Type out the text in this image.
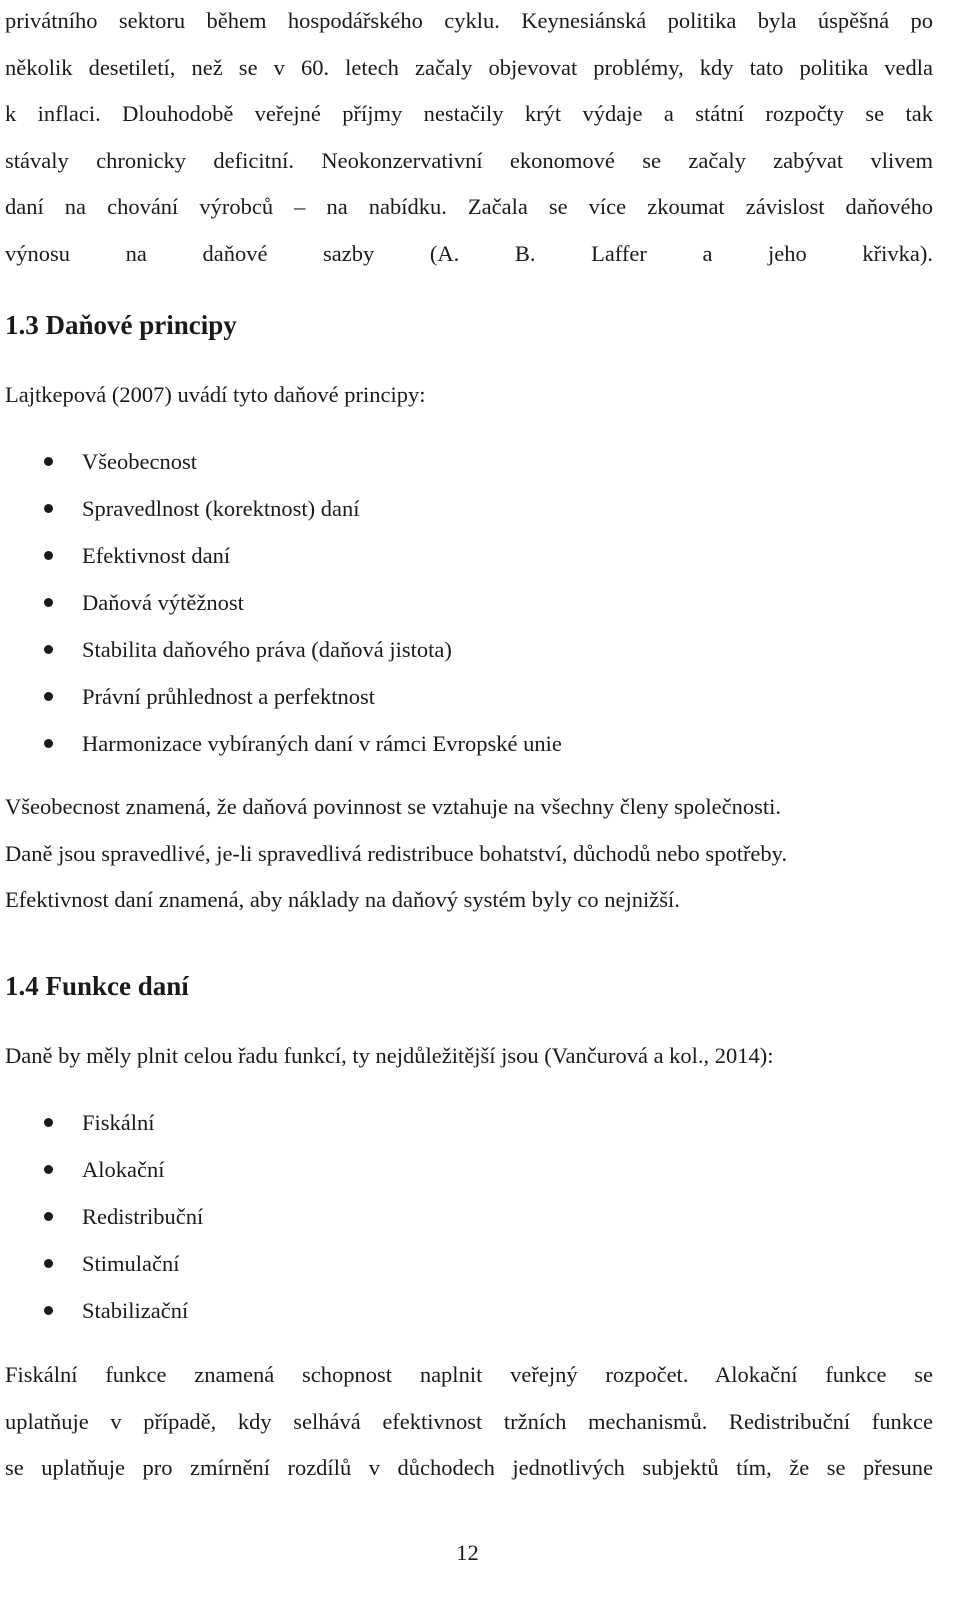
privátního sektoru během hospodářského cyklu. Keynesiánská politika byla úspěšná po
několik desetiletí, než se v 60. letech začaly objevovat problémy, kdy tato politika vedla
k inflaci. Dlouhodobě veřejné příjmy nestačily krýt výdaje a státní rozpočty se tak
stávaly chronicky deficitní. Neokonzervativní ekonomové se začaly zabývat vlivem
daní na chování výrobců – na nabídku. Začala se více zkoumat závislost daňového
výnosu na daňové sazby (A. B. Laffer a jeho křivka).
1.3 Daňové principy

Lajtkepová (2007) uvádí tyto daňové principy:

Všeobecnost
Spravedlnost (korektnost) daní
Efektivnost daní
Daňová výtěžnost
Stabilita daňového práva (daňová jistota)
Právní průhlednost a perfektnost
Harmonizace vybíraných daní v rámci Evropské unie
Všeobecnost znamená, že daňová povinnost se vztahuje na všechny členy společnosti.
Daně jsou spravedlivé, je-li spravedlivá redistribuce bohatství, důchodů nebo spotřeby.
Efektivnost daní znamená, aby náklady na daňový systém byly co nejnižší.
1.4 Funkce daní

Daně by měly plnit celou řadu funkcí, ty nejdůležitější jsou (Vančurová a kol., 2014):

Fiskální
Alokační
Redistribuční
Stimulační
Stabilizační
Fiskální funkce znamená schopnost naplnit veřejný rozpočet. Alokační funkce se
uplatňuje v případě, kdy selhává efektivnost tržních mechanismů. Redistribuční funkce
se uplatňuje pro zmírnění rozdílů v důchodech jednotlivých subjektů tím, že se přesune
12
